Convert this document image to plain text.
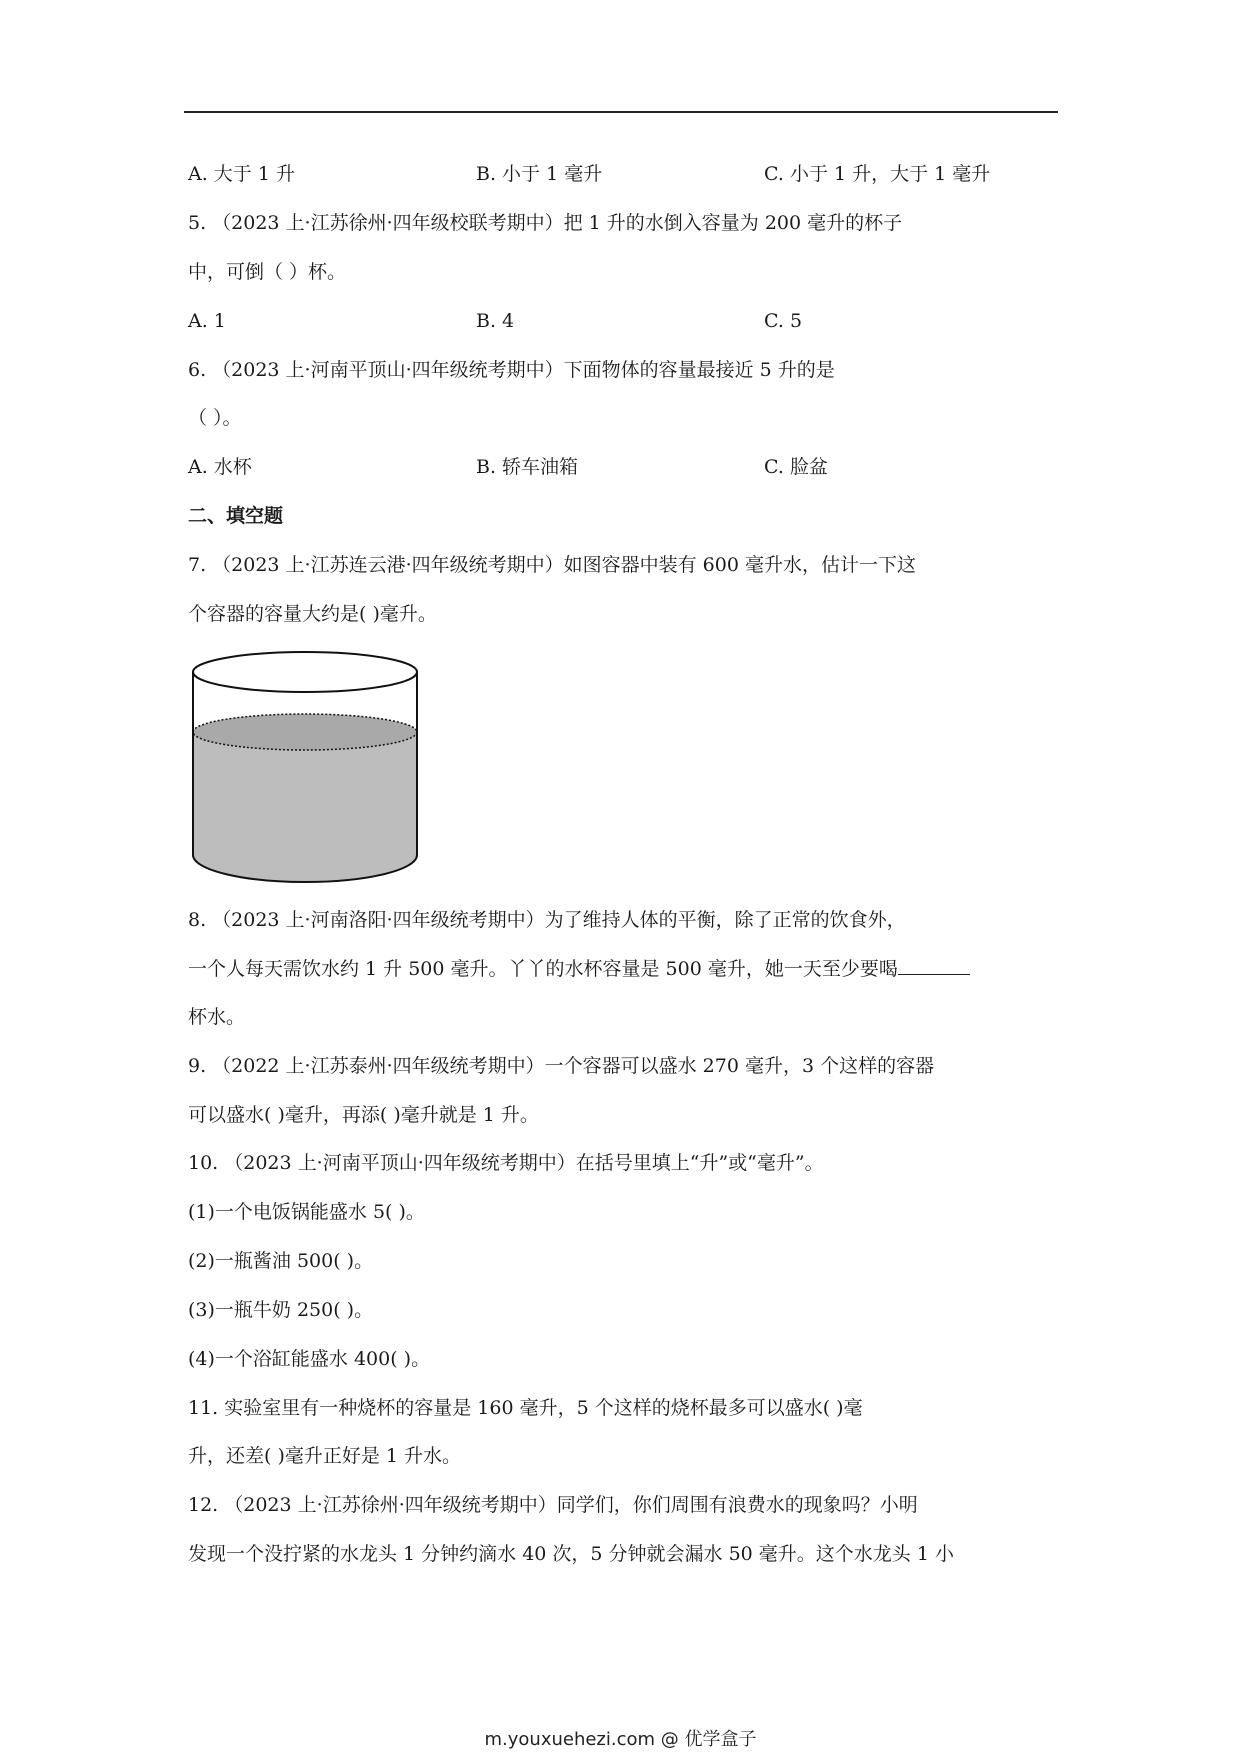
A. 大于 1 升	B. 小于 1 毫升	C. 小于 1 升，大于 1 毫升
5. （2023 上·江苏徐州·四年级校联考期中）把 1 升的水倒入容量为 200 毫升的杯子
中，可倒（ ）杯。
A. 1	B. 4	C. 5
6. （2023 上·河南平顶山·四年级统考期中）下面物体的容量最接近 5 升的是
（ ）。
A. 水杯	B. 轿车油箱	C. 脸盆
二、填空题
7. （2023 上·江苏连云港·四年级统考期中）如图容器中装有 600 毫升水，估计一下这
个容器的容量大约是( )毫升。
8. （2023 上·河南洛阳·四年级统考期中）为了维持人体的平衡，除了正常的饮食外，
一个人每天需饮水约 1 升 500 毫升。丫丫的水杯容量是 500 毫升，她一天至少要喝
杯水。
9. （2022 上·江苏泰州·四年级统考期中）一个容器可以盛水 270 毫升，3 个这样的容器
可以盛水( )毫升，再添( )毫升就是 1 升。
10. （2023 上·河南平顶山·四年级统考期中）在括号里填上“升”或“毫升”。
(1)一个电饭锅能盛水 5( )。
(2)一瓶酱油 500( )。
(3)一瓶牛奶 250( )。
(4)一个浴缸能盛水 400( )。
11. 实验室里有一种烧杯的容量是 160 毫升，5 个这样的烧杯最多可以盛水( )毫
升，还差( )毫升正好是 1 升水。
12. （2023 上·江苏徐州·四年级统考期中）同学们，你们周围有浪费水的现象吗？小明
发现一个没拧紧的水龙头 1 分钟约滴水 40 次，5 分钟就会漏水 50 毫升。这个水龙头 1 小
m.youxuehezi.com @ 优学盒子
